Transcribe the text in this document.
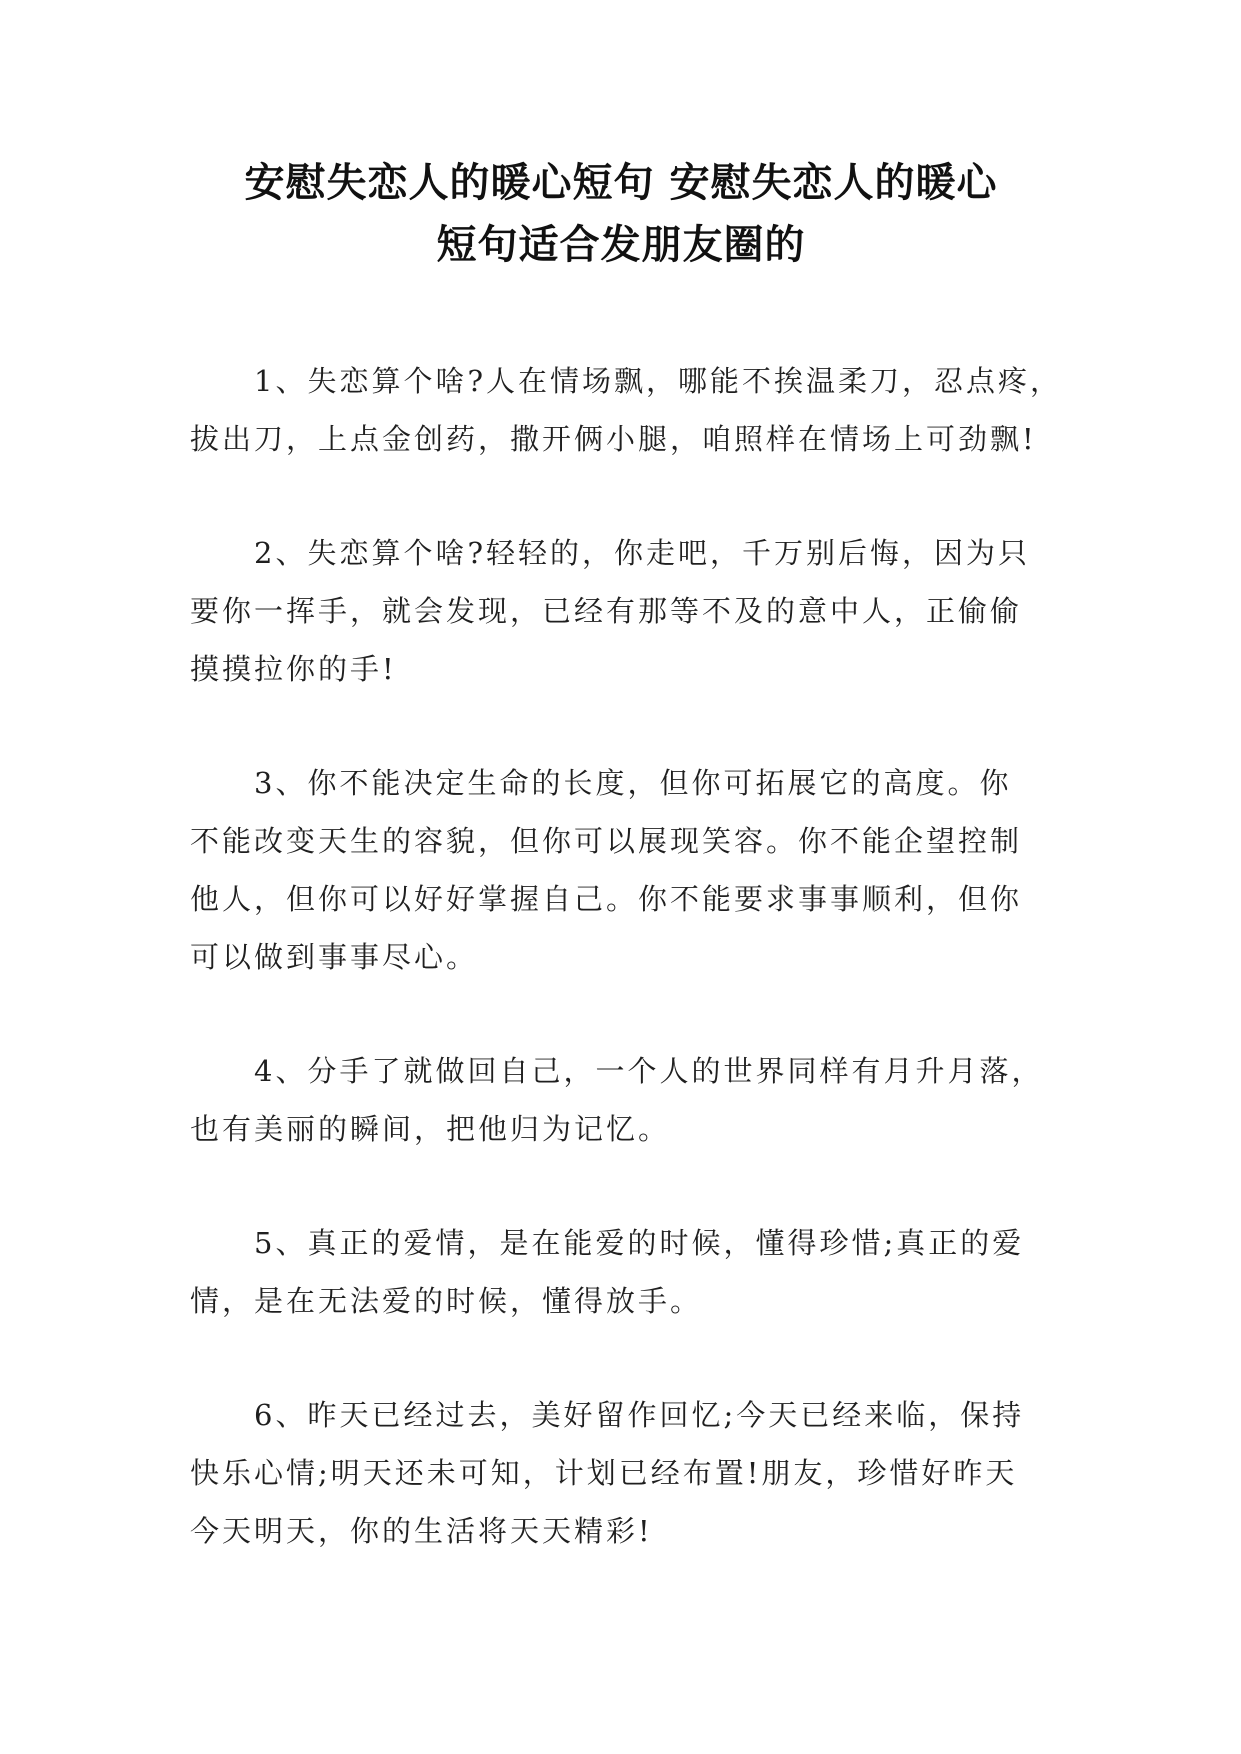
安慰失恋人的暖心短句 安慰失恋人的暖心
短句适合发朋友圈的

1、失恋算个啥?人在情场飘，哪能不挨温柔刀，忍点疼，
拔出刀，上点金创药，撒开俩小腿，咱照样在情场上可劲飘!

2、失恋算个啥?轻轻的，你走吧，千万别后悔，因为只
要你一挥手，就会发现，已经有那等不及的意中人，正偷偷
摸摸拉你的手!

3、你不能决定生命的长度，但你可拓展它的高度。你
不能改变天生的容貌，但你可以展现笑容。你不能企望控制
他人，但你可以好好掌握自己。你不能要求事事顺利，但你
可以做到事事尽心。

4、分手了就做回自己，一个人的世界同样有月升月落，
也有美丽的瞬间，把他归为记忆。

5、真正的爱情，是在能爱的时候，懂得珍惜;真正的爱
情，是在无法爱的时候，懂得放手。

6、昨天已经过去，美好留作回忆;今天已经来临，保持
快乐心情;明天还未可知，计划已经布置!朋友，珍惜好昨天
今天明天，你的生活将天天精彩!
